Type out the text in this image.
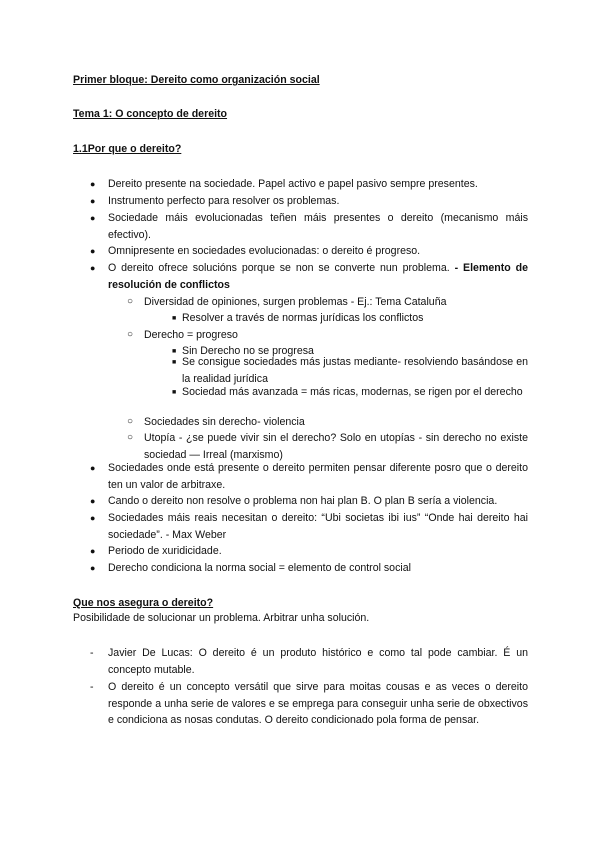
Primer bloque: Dereito como organización social
Tema 1: O concepto de dereito
1.1Por que o dereito?
● Dereito presente na sociedade. Papel activo e papel pasivo sempre presentes.
● Instrumento perfecto para resolver os problemas.
● Sociedade máis evolucionadas teñen máis presentes o dereito (mecanismo máis efectivo).
● Omnipresente en sociedades evolucionadas: o dereito é progreso.
● O dereito ofrece solucións porque se non se converte nun problema. - Elemento de resolución de conflictos
○ Diversidad de opiniones, surgen problemas - Ej.: Tema Cataluña
■ Resolver a través de normas jurídicas los conflictos
○ Derecho = progreso
■ Sin Derecho no se progresa
■ Se consigue sociedades más justas mediante- resolviendo basándose en la realidad jurídica
■ Sociedad más avanzada = más ricas, modernas, se rigen por el derecho
○ Sociedades sin derecho- violencia
○ Utopía - ¿se puede vivir sin el derecho? Solo en utopías - sin derecho no existe sociedad — Irreal (marxismo)
● Sociedades onde está presente o dereito permiten pensar diferente posro que o dereito ten un valor de arbitraxe.
● Cando o dereito non resolve o problema non hai plan B. O plan B sería a violencia.
● Sociedades máis reais necesitan o dereito: “Ubi societas ibi ius” “Onde hai dereito hai sociedade”. - Max Weber
● Periodo de xuridicidade.
● Derecho condiciona la norma social = elemento de control social
Que nos asegura o dereito?
Posibilidade de solucionar un problema. Arbitrar unha solución.
- Javier De Lucas: O dereito é un produto histórico e como tal pode cambiar. É un concepto mutable.
- O dereito é un concepto versátil que sirve para moitas cousas e as veces o dereito responde a unha serie de valores e se emprega para conseguir unha serie de obxectivos e condiciona as nosas condutas. O dereito condicionado pola forma de pensar.
